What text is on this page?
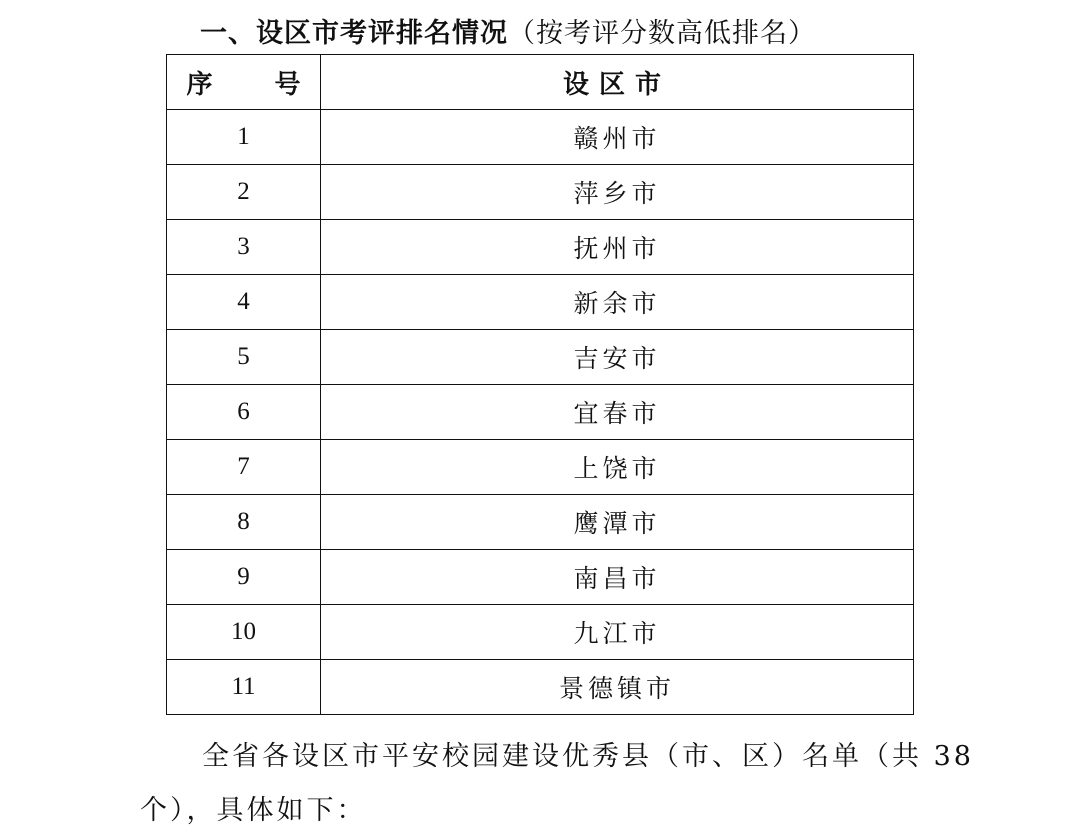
一、设区市考评排名情况（按考评分数高低排名）
序 号	设区市
1	赣州市
2	萍乡市
3	抚州市
4	新余市
5	吉安市
6	宜春市
7	上饶市
8	鹰潭市
9	南昌市
10	九江市
11	景德镇市
全省各设区市平安校园建设优秀县（市、区）名单（共 38
个），具体如下：
